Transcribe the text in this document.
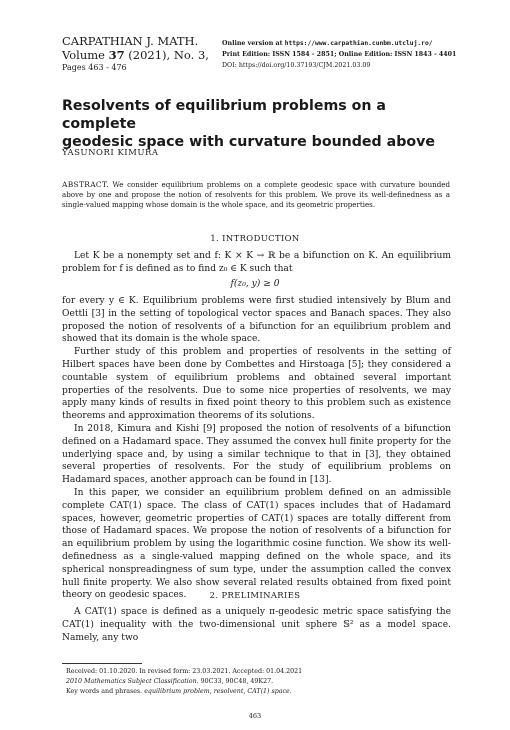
CARPATHIAN J. MATH.
Volume 37 (2021), No. 3,
Pages 463 - 476
Online version at https://www.carpathian.cunbm.utcluj.ro/
Print Edition: ISSN 1584 - 2851; Online Edition: ISSN 1843 - 4401
DOI: https://doi.org/10.37193/CJM.2021.03.09
Resolvents of equilibrium problems on a complete
geodesic space with curvature bounded above
YASUNORI KIMURA
ABSTRACT. We consider equilibrium problems on a complete geodesic space with curvature bounded above by one and propose the notion of resolvents for this problem. We prove its well-definedness as a single-valued mapping whose domain is the whole space, and its geometric properties.
1. INTRODUCTION

Let K be a nonempty set and f: K × K → ℝ be a bifunction on K. An equilibrium problem for f is defined as to find z₀ ∈ K such that

f(z₀, y) ≥ 0

for every y ∈ K. Equilibrium problems were first studied intensively by Blum and Oettli [3] in the setting of topological vector spaces and Banach spaces. They also proposed the notion of resolvents of a bifunction for an equilibrium problem and showed that its domain is the whole space.

Further study of this problem and properties of resolvents in the setting of Hilbert spaces have been done by Combettes and Hirstoaga [5]; they considered a countable system of equilibrium problems and obtained several important properties of the resolvents. Due to some nice properties of resolvents, we may apply many kinds of results in fixed point theory to this problem such as existence theorems and approximation theorems of its solutions.

In 2018, Kimura and Kishi [9] proposed the notion of resolvents of a bifunction defined on a Hadamard space. They assumed the convex hull finite property for the underlying space and, by using a similar technique to that in [3], they obtained several properties of resolvents. For the study of equilibrium problems on Hadamard spaces, another approach can be found in [13].

In this paper, we consider an equilibrium problem defined on an admissible complete CAT(1) space. The class of CAT(1) spaces includes that of Hadamard spaces, however, geometric properties of CAT(1) spaces are totally different from those of Hadamard spaces. We propose the notion of resolvents of a bifunction for an equilibrium problem by using the logarithmic cosine function. We show its well-definedness as a single-valued mapping defined on the whole space, and its spherical nonspreadingness of sum type, under the assumption called the convex hull finite property. We also show several related results obtained from fixed point theory on geodesic spaces.	2. PRELIMINARIES

A CAT(1) space is defined as a uniquely π-geodesic metric space satisfying the CAT(1) inequality with the two-dimensional unit sphere 𝕊² as a model space. Namely, any two

Received: 01.10.2020. In revised form: 23.03.2021. Accepted: 01.04.2021
2010 Mathematics Subject Classification. 90C33, 90C48, 49K27.
Key words and phrases. equilibrium problem, resolvent, CAT(1) space.
463
